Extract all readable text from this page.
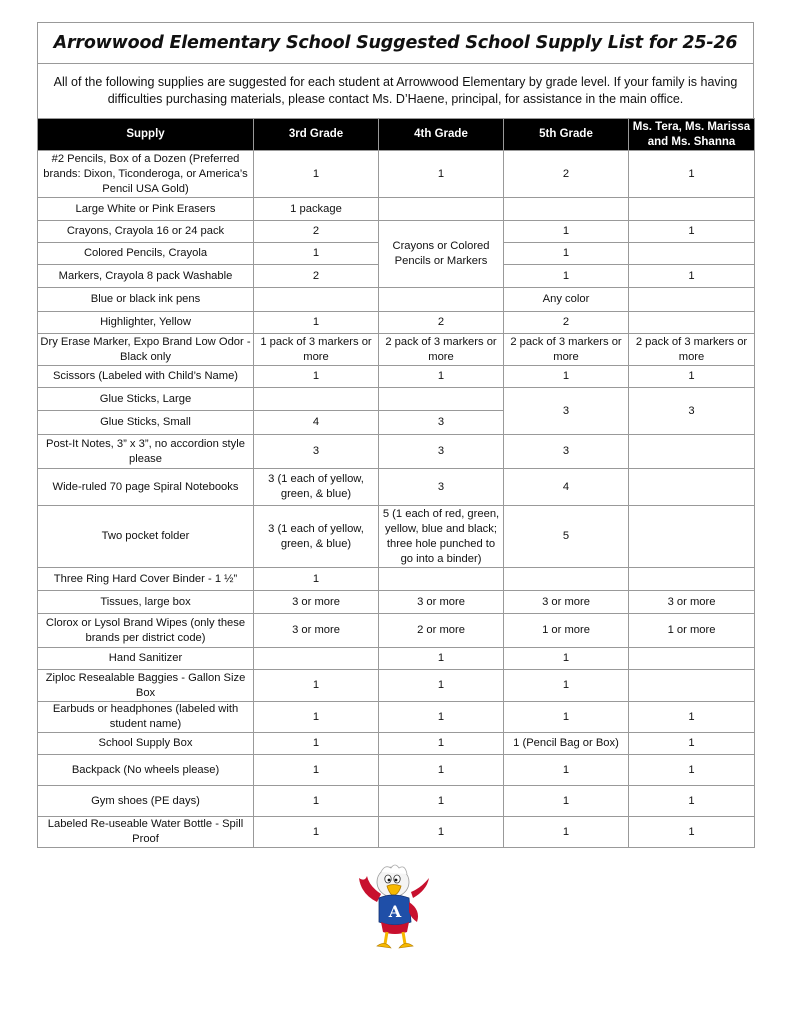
Arrowwood Elementary School Suggested School Supply List for 25-26
All of the following supplies are suggested for each student at Arrowwood Elementary by grade level. If your family is having difficulties purchasing materials, please contact Ms. D’Haene, principal, for assistance in the main office.
Supply	3rd Grade	4th Grade	5th Grade	Ms. Tera, Ms. Marissa and Ms. Shanna
#2 Pencils, Box of a Dozen (Preferred brands: Dixon, Ticonderoga, or America’s Pencil USA Gold)	1	1	2	1
Large White or Pink Erasers	1 package			
Crayons, Crayola 16 or 24 pack	2	Crayons or Colored Pencils or Markers	1	1
Colored Pencils, Crayola	1		1	
Markers, Crayola 8 pack Washable	2		1	1
Blue or black ink pens			Any color	
Highlighter, Yellow	1	2	2	
Dry Erase Marker, Expo Brand Low Odor - Black only	1 pack of 3 markers or more	2 pack of 3 markers or more	2 pack of 3 markers or more	2 pack of 3 markers or more
Scissors (Labeled with Child’s Name)	1	1	1	1
Glue Sticks, Large			3	3
Glue Sticks, Small	4	3		
Post-It Notes, 3” x 3”, no accordion style please	3	3	3	
Wide-ruled 70 page Spiral Notebooks	3 (1 each of yellow, green, & blue)	3	4	
Two pocket folder	3 (1 each of yellow, green, & blue)	5 (1 each of red, green, yellow, blue and black; three hole punched to go into a binder)	5	
Three Ring Hard Cover Binder - 1 ½”	1			
Tissues, large box	3 or more	3 or more	3 or more	3 or more
Clorox or Lysol Brand Wipes (only these brands per district code)	3 or more	2 or more	1 or more	1 or more
Hand Sanitizer		1	1	
Ziploc Resealable Baggies - Gallon Size Box	1	1	1	
Earbuds or headphones (labeled with student name)	1	1	1	1
School Supply Box	1	1	1 (Pencil Bag or Box)	1
Backpack (No wheels please)	1	1	1	1
Gym shoes (PE days)	1	1	1	1
Labeled Re-useable Water Bottle - Spill Proof	1	1	1	1
A
